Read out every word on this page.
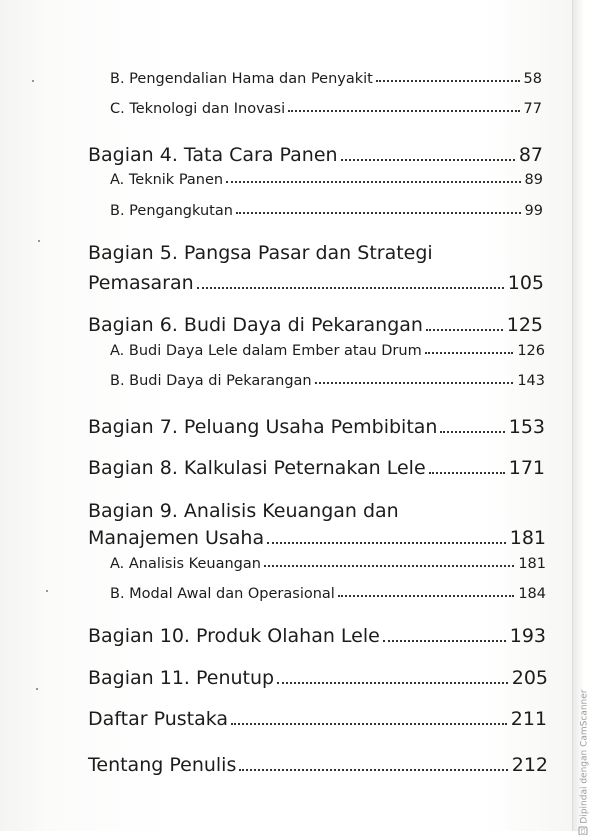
B. Pengendalian Hama dan Penyakit	58
C. Teknologi dan Inovasi	77
Bagian 4. Tata Cara Panen	87
A. Teknik Panen	89
B. Pengangkutan	99
Bagian 5. Pangsa Pasar dan Strategi
Pemasaran	105
Bagian 6. Budi Daya di Pekarangan	125
A. Budi Daya Lele dalam Ember atau Drum	126
B. Budi Daya di Pekarangan	143
Bagian 7. Peluang Usaha Pembibitan	153
Bagian 8. Kalkulasi Peternakan Lele	171
Bagian 9. Analisis Keuangan dan
Manajemen Usaha	181
A. Analisis Keuangan	181
B. Modal Awal dan Operasional	184
Bagian 10. Produk Olahan Lele	193
Bagian 11. Penutup	205
Daftar Pustaka	211
Tentang Penulis	212
CS
Dipindai dengan CamScanner
